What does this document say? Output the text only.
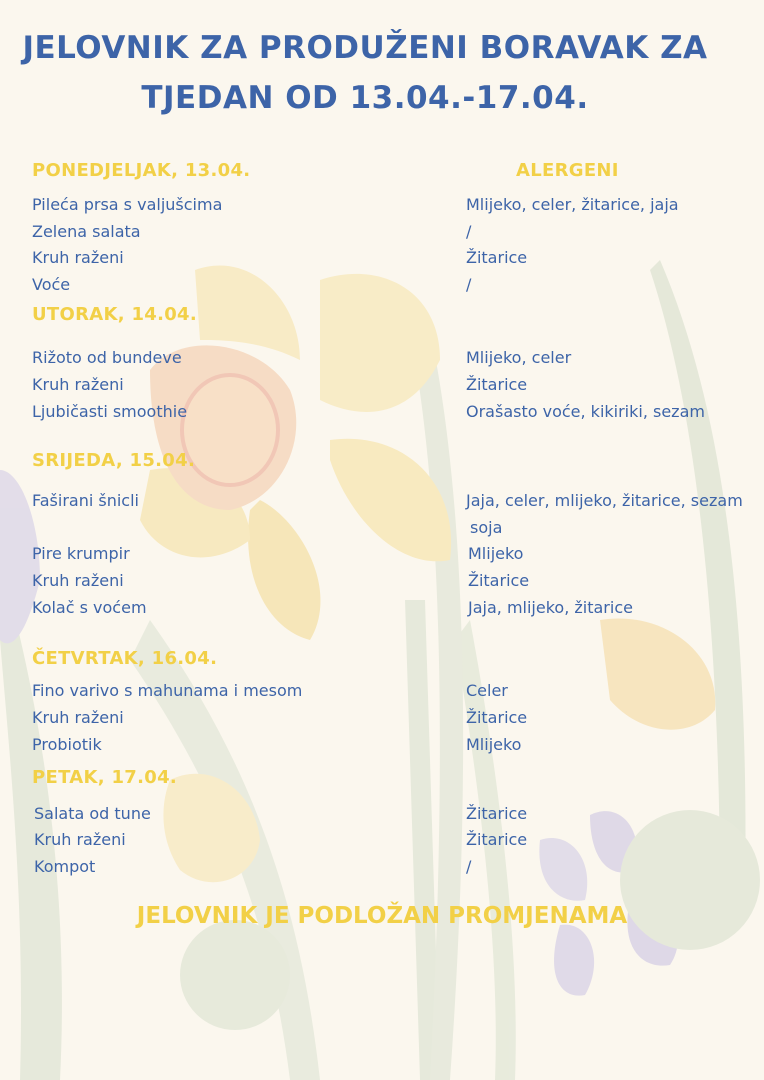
JELOVNIK ZA PRODUŽENI BORAVAK ZA
TJEDAN OD 13.04.-17.04.
ALERGENI
PONEDJELJAK, 13.04.
Pileća prsa s valjušcima	Mlijeko, celer, žitarice, jaja
Zelena salata	/
Kruh raženi	Žitarice
Voće	/
UTORAK, 14.04.
Rižoto od bundeve	Mlijeko, celer
Kruh raženi	Žitarice
Ljubičasti smoothie	Orašasto voće, kikiriki, sezam
SRIJEDA, 15.04.
Faširani šnicli	Jaja, celer, mlijeko, žitarice, sezam
soja
Pire krumpir	Mlijeko
Kruh raženi	Žitarice
Kolač s voćem	Jaja, mlijeko, žitarice
ČETVRTAK, 16.04.
Fino varivo s mahunama i mesom	Celer
Kruh raženi	Žitarice
Probiotik	Mlijeko
PETAK, 17.04.
Salata od tune	Žitarice
Kruh raženi	Žitarice
Kompot	/
JELOVNIK JE PODLOŽAN PROMJENAMA
